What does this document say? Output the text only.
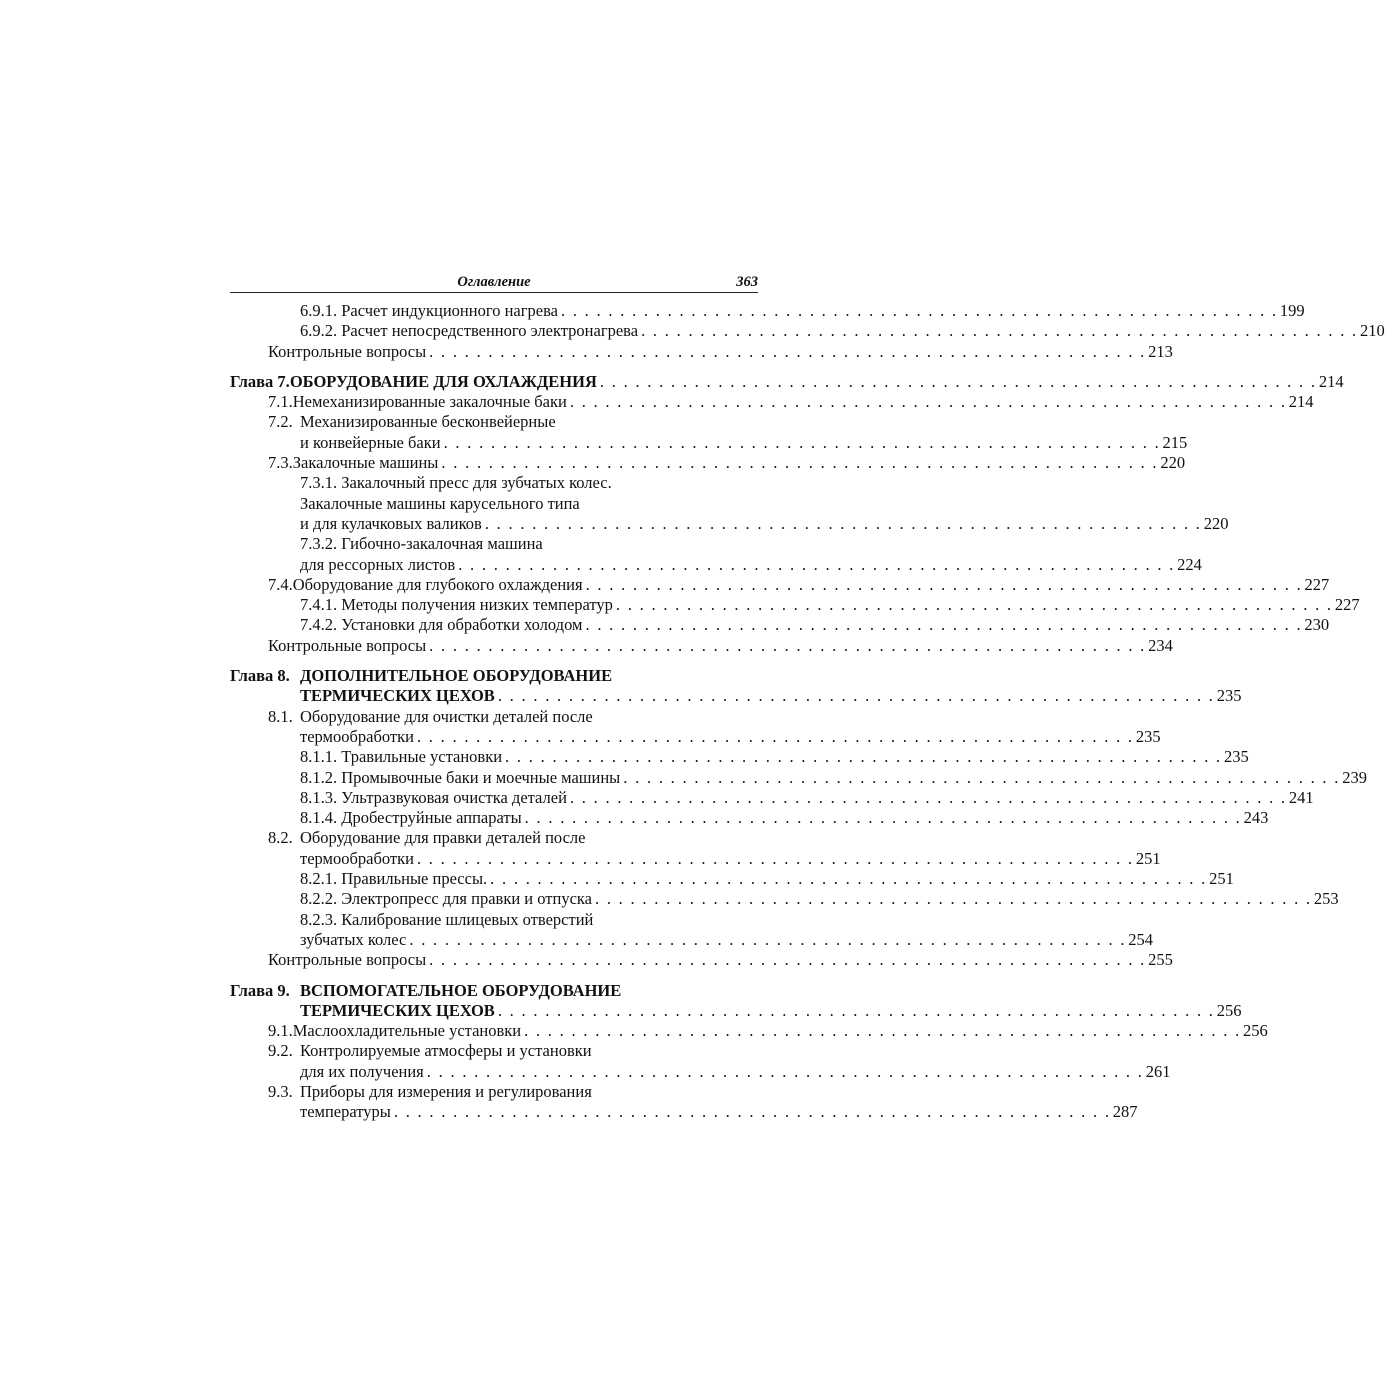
Оглавление	363
6.9.1. Расчет индукционного нагрева . . . . . . . . . . . . . . . . . . . . . . . . . . . . . . . . . . . . . . . . . . . . . . . . . . . . . . . . . . . . . 199
6.9.2. Расчет непосредственного электронагрева . . . . . . . . . . . . . . . . . . . . . . . . . . . . . . . . . . . . . . . . . . . . . . . . . . . . . . . . . . . . . 210
Контрольные вопросы . . . . . . . . . . . . . . . . . . . . . . . . . . . . . . . . . . . . . . . . . . . . . . . . . . . . . . . . . . . . . 213
Глава 7. ОБОРУДОВАНИЕ ДЛЯ ОХЛАЖДЕНИЯ . . . . . . . . . . . . . . . . . . . . . . . . . . . . . . . . . . . . . . . . . . . . . . . . . . . . . . . . . . . . . 214
7.1. Немеханизированные закалочные баки . . . . . . . . . . . . . . . . . . . . . . . . . . . . . . . . . . . . . . . . . . . . . . . . . . . . . . . . . . . . . 214
7.2. Механизированные бесконвейерные
и конвейерные баки . . . . . . . . . . . . . . . . . . . . . . . . . . . . . . . . . . . . . . . . . . . . . . . . . . . . . . . . . . . . . 215
7.3. Закалочные машины . . . . . . . . . . . . . . . . . . . . . . . . . . . . . . . . . . . . . . . . . . . . . . . . . . . . . . . . . . . . . 220
7.3.1. Закалочный пресс для зубчатых колес.
Закалочные машины карусельного типа
и для кулачковых валиков . . . . . . . . . . . . . . . . . . . . . . . . . . . . . . . . . . . . . . . . . . . . . . . . . . . . . . . . . . . . . 220
7.3.2. Гибочно-закалочная машина
для рессорных листов . . . . . . . . . . . . . . . . . . . . . . . . . . . . . . . . . . . . . . . . . . . . . . . . . . . . . . . . . . . . . 224
7.4. Оборудование для глубокого охлаждения . . . . . . . . . . . . . . . . . . . . . . . . . . . . . . . . . . . . . . . . . . . . . . . . . . . . . . . . . . . . . 227
7.4.1. Методы получения низких температур . . . . . . . . . . . . . . . . . . . . . . . . . . . . . . . . . . . . . . . . . . . . . . . . . . . . . . . . . . . . . 227
7.4.2. Установки для обработки холодом . . . . . . . . . . . . . . . . . . . . . . . . . . . . . . . . . . . . . . . . . . . . . . . . . . . . . . . . . . . . . 230
Контрольные вопросы . . . . . . . . . . . . . . . . . . . . . . . . . . . . . . . . . . . . . . . . . . . . . . . . . . . . . . . . . . . . . 234
Глава 8. ДОПОЛНИТЕЛЬНОЕ ОБОРУДОВАНИЕ
ТЕРМИЧЕСКИХ ЦЕХОВ . . . . . . . . . . . . . . . . . . . . . . . . . . . . . . . . . . . . . . . . . . . . . . . . . . . . . . . . . . . . . 235
8.1. Оборудование для очистки деталей после
термообработки . . . . . . . . . . . . . . . . . . . . . . . . . . . . . . . . . . . . . . . . . . . . . . . . . . . . . . . . . . . . . 235
8.1.1. Травильные установки . . . . . . . . . . . . . . . . . . . . . . . . . . . . . . . . . . . . . . . . . . . . . . . . . . . . . . . . . . . . . 235
8.1.2. Промывочные баки и моечные машины . . . . . . . . . . . . . . . . . . . . . . . . . . . . . . . . . . . . . . . . . . . . . . . . . . . . . . . . . . . . . 239
8.1.3. Ультразвуковая очистка деталей . . . . . . . . . . . . . . . . . . . . . . . . . . . . . . . . . . . . . . . . . . . . . . . . . . . . . . . . . . . . . 241
8.1.4. Дробеструйные аппараты . . . . . . . . . . . . . . . . . . . . . . . . . . . . . . . . . . . . . . . . . . . . . . . . . . . . . . . . . . . . . 243
8.2. Оборудование для правки деталей после
термообработки . . . . . . . . . . . . . . . . . . . . . . . . . . . . . . . . . . . . . . . . . . . . . . . . . . . . . . . . . . . . . 251
8.2.1. Правильные прессы. . . . . . . . . . . . . . . . . . . . . . . . . . . . . . . . . . . . . . . . . . . . . . . . . . . . . . . . . . . . . . 251
8.2.2. Электропресс для правки и отпуска . . . . . . . . . . . . . . . . . . . . . . . . . . . . . . . . . . . . . . . . . . . . . . . . . . . . . . . . . . . . . 253
8.2.3. Калибрование шлицевых отверстий
зубчатых колес . . . . . . . . . . . . . . . . . . . . . . . . . . . . . . . . . . . . . . . . . . . . . . . . . . . . . . . . . . . . . 254
Контрольные вопросы . . . . . . . . . . . . . . . . . . . . . . . . . . . . . . . . . . . . . . . . . . . . . . . . . . . . . . . . . . . . . 255
Глава 9. ВСПОМОГАТЕЛЬНОЕ ОБОРУДОВАНИЕ
ТЕРМИЧЕСКИХ ЦЕХОВ . . . . . . . . . . . . . . . . . . . . . . . . . . . . . . . . . . . . . . . . . . . . . . . . . . . . . . . . . . . . . 256
9.1. Маслоохладительные установки . . . . . . . . . . . . . . . . . . . . . . . . . . . . . . . . . . . . . . . . . . . . . . . . . . . . . . . . . . . . . 256
9.2. Контролируемые атмосферы и установки
для их получения . . . . . . . . . . . . . . . . . . . . . . . . . . . . . . . . . . . . . . . . . . . . . . . . . . . . . . . . . . . . . 261
9.3. Приборы для измерения и регулирования
температуры . . . . . . . . . . . . . . . . . . . . . . . . . . . . . . . . . . . . . . . . . . . . . . . . . . . . . . . . . . . . . 287
